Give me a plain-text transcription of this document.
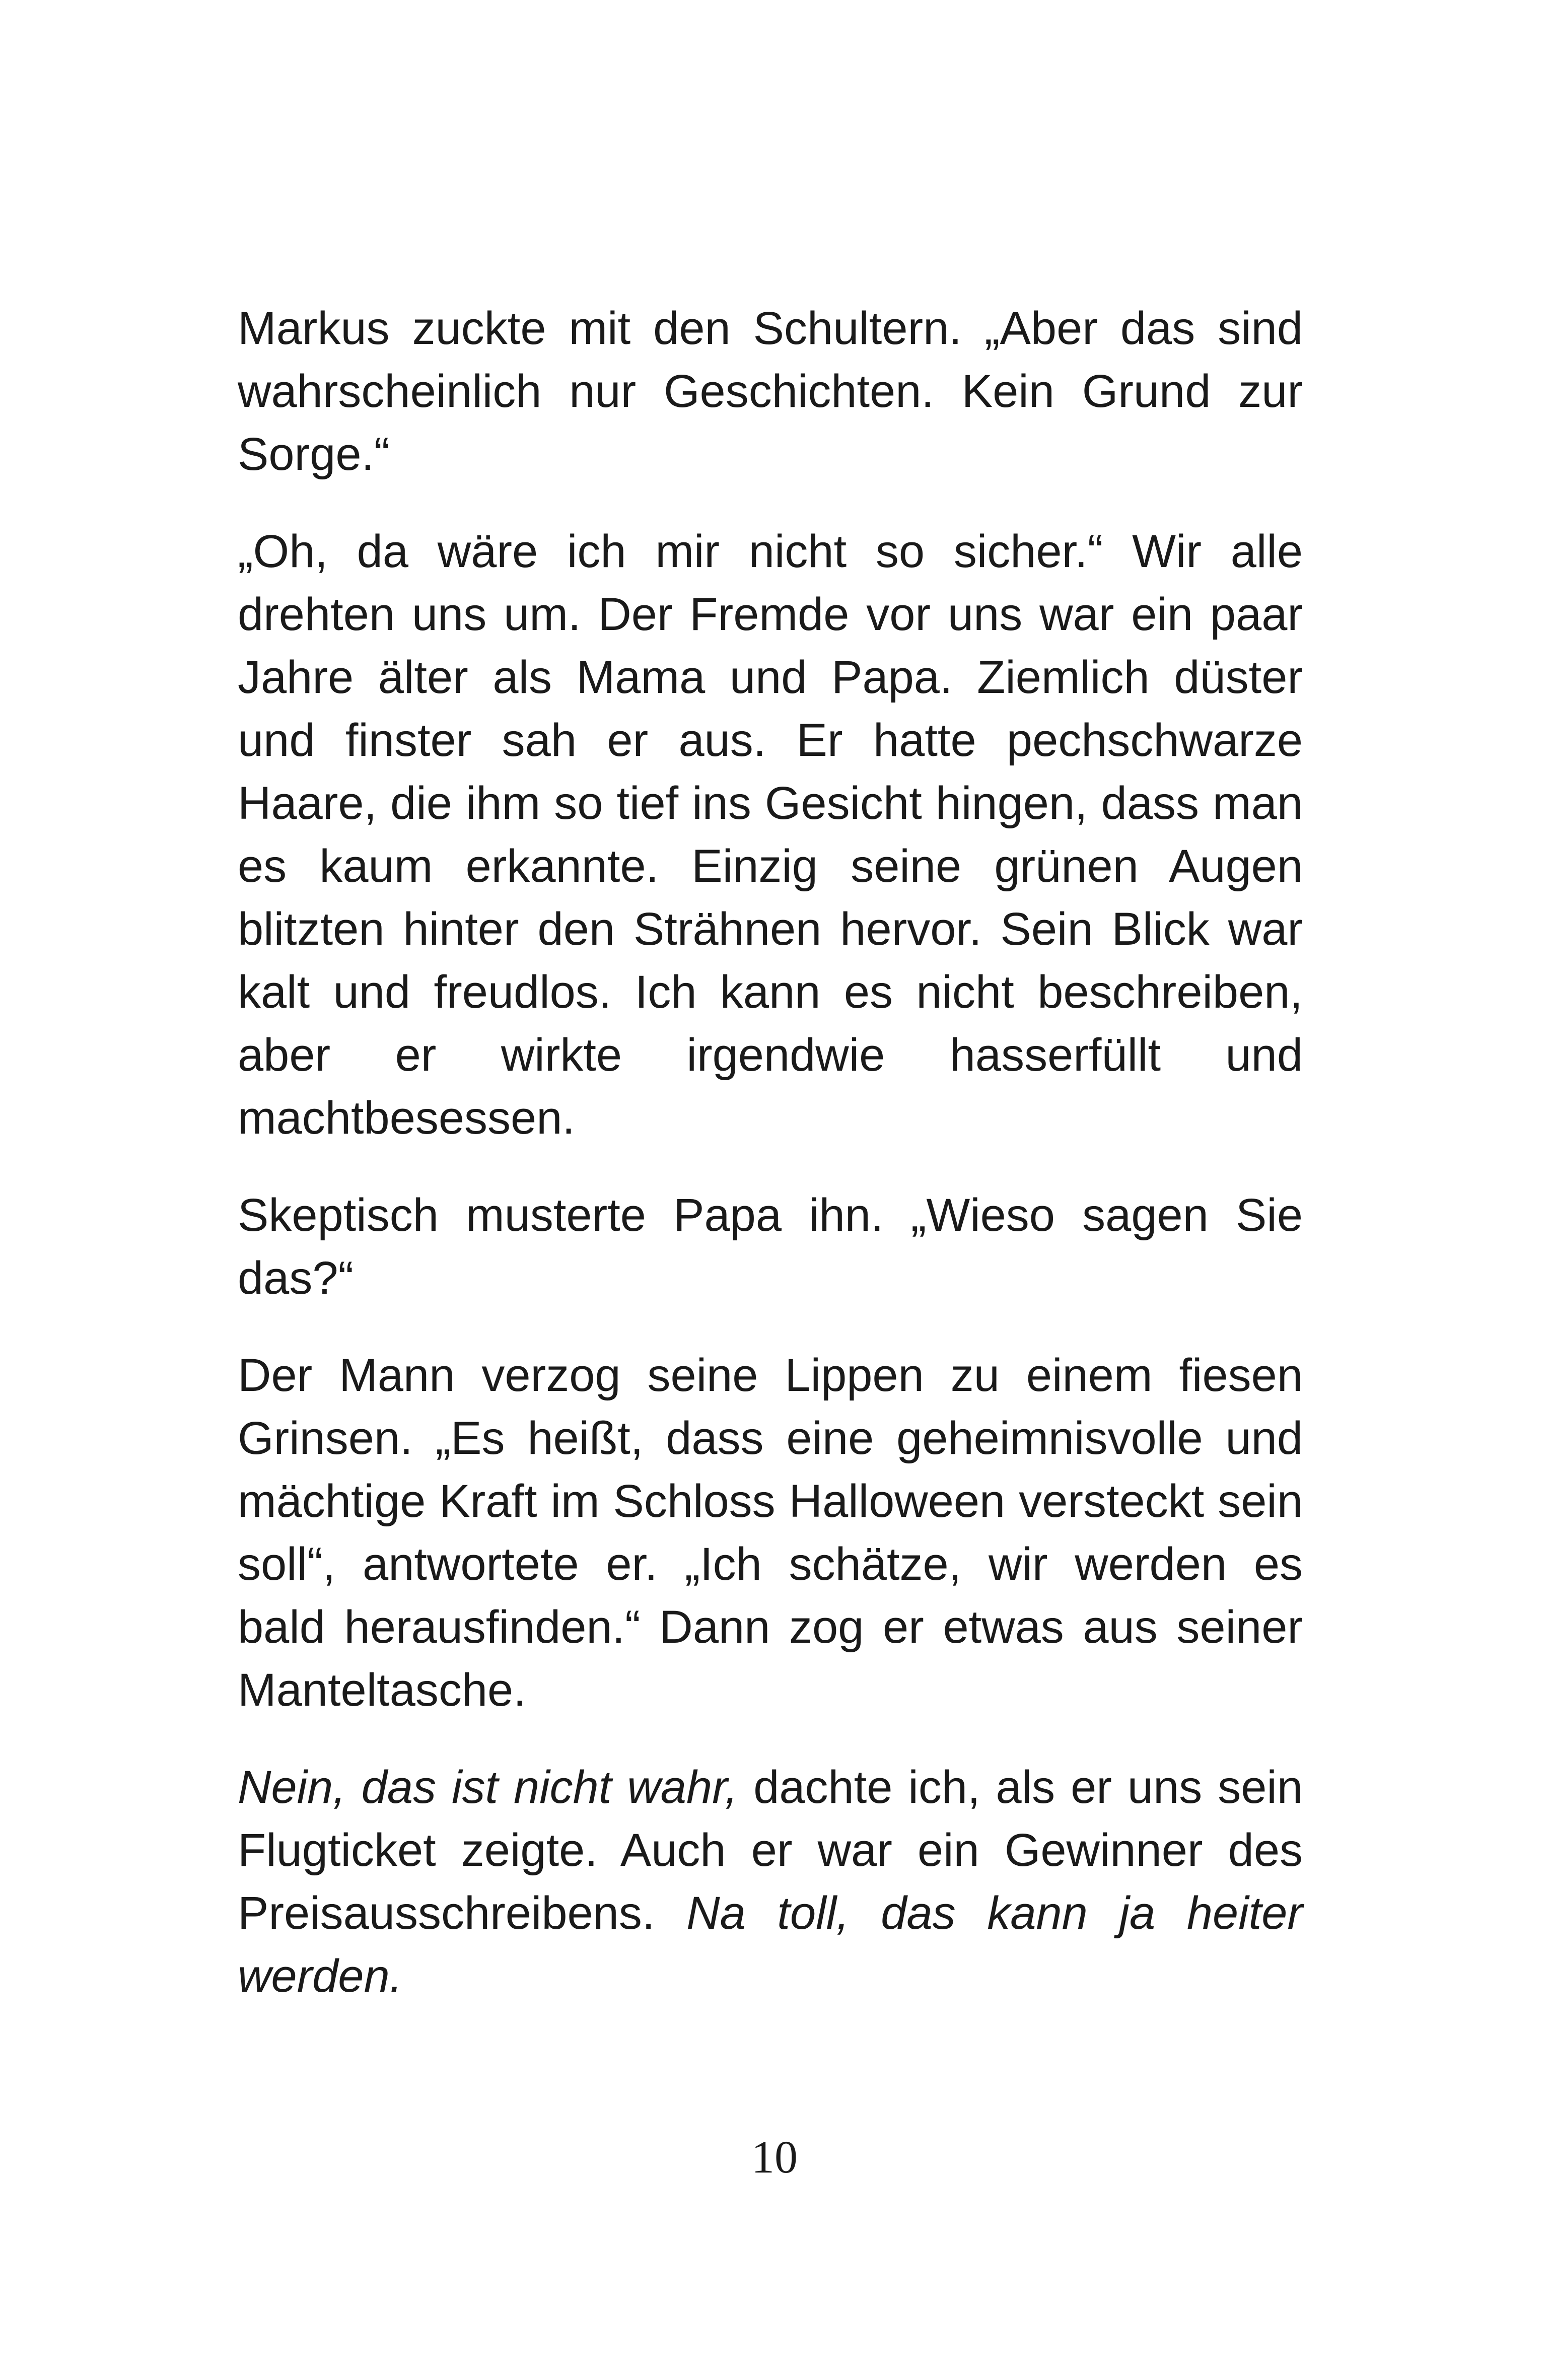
Markus zuckte mit den Schultern. „Aber das sind wahrscheinlich nur Geschichten. Kein Grund zur Sorge.“

„Oh, da wäre ich mir nicht so sicher.“ Wir alle drehten uns um. Der Fremde vor uns war ein paar Jahre älter als Mama und Papa. Ziemlich düster und finster sah er aus. Er hatte pechschwarze Haare, die ihm so tief ins Gesicht hingen, dass man es kaum erkannte. Einzig seine grünen Augen blitzten hinter den Strähnen hervor. Sein Blick war kalt und freudlos. Ich kann es nicht beschreiben, aber er wirkte irgendwie hasserfüllt und machtbesessen.

Skeptisch musterte Papa ihn. „Wieso sagen Sie das?“

Der Mann verzog seine Lippen zu einem fiesen Grinsen. „Es heißt, dass eine geheimnisvolle und mächtige Kraft im Schloss Halloween versteckt sein soll“, antwortete er. „Ich schätze, wir werden es bald herausfinden.“ Dann zog er etwas aus seiner Manteltasche.

Nein, das ist nicht wahr, dachte ich, als er uns sein Flugticket zeigte. Auch er war ein Gewinner des Preisausschreibens. Na toll, das kann ja heiter werden.

10
